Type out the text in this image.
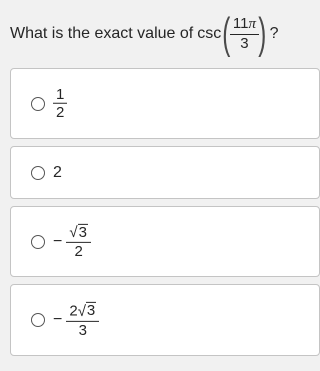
What is the exact value of csc ( $\frac{11\pi}{3}$ ) ?
$\frac{1}{2}$
2
− $\frac{√ 3}{2}$
− $\frac{2 √ 3}{3}$
